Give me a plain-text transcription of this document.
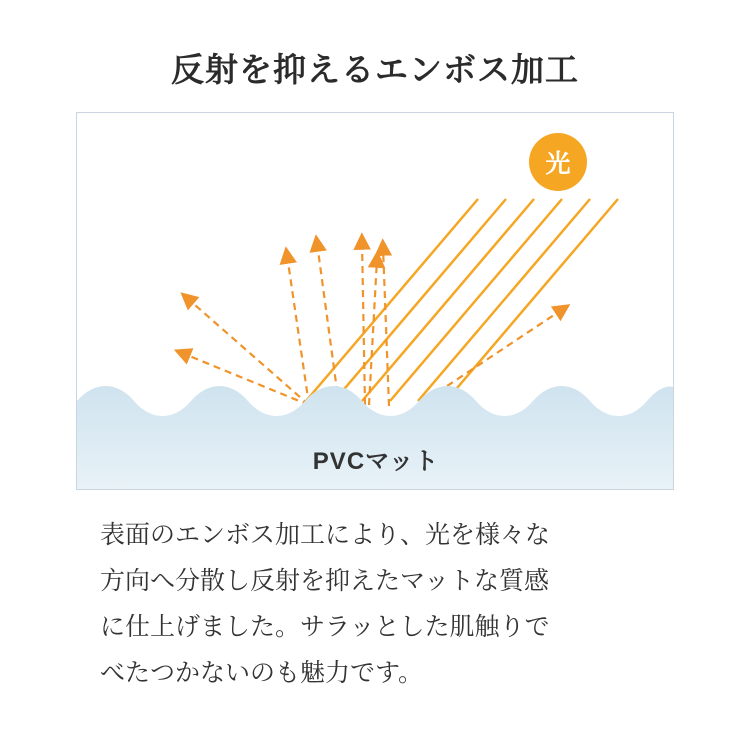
反射を抑えるエンボス加工
光
PVCマット

表面のエンボス加工により、光を様々な

方向へ分散し反射を抑えたマットな質感

に仕上げました。サラッとした肌触りで

べたつかないのも魅力です。
